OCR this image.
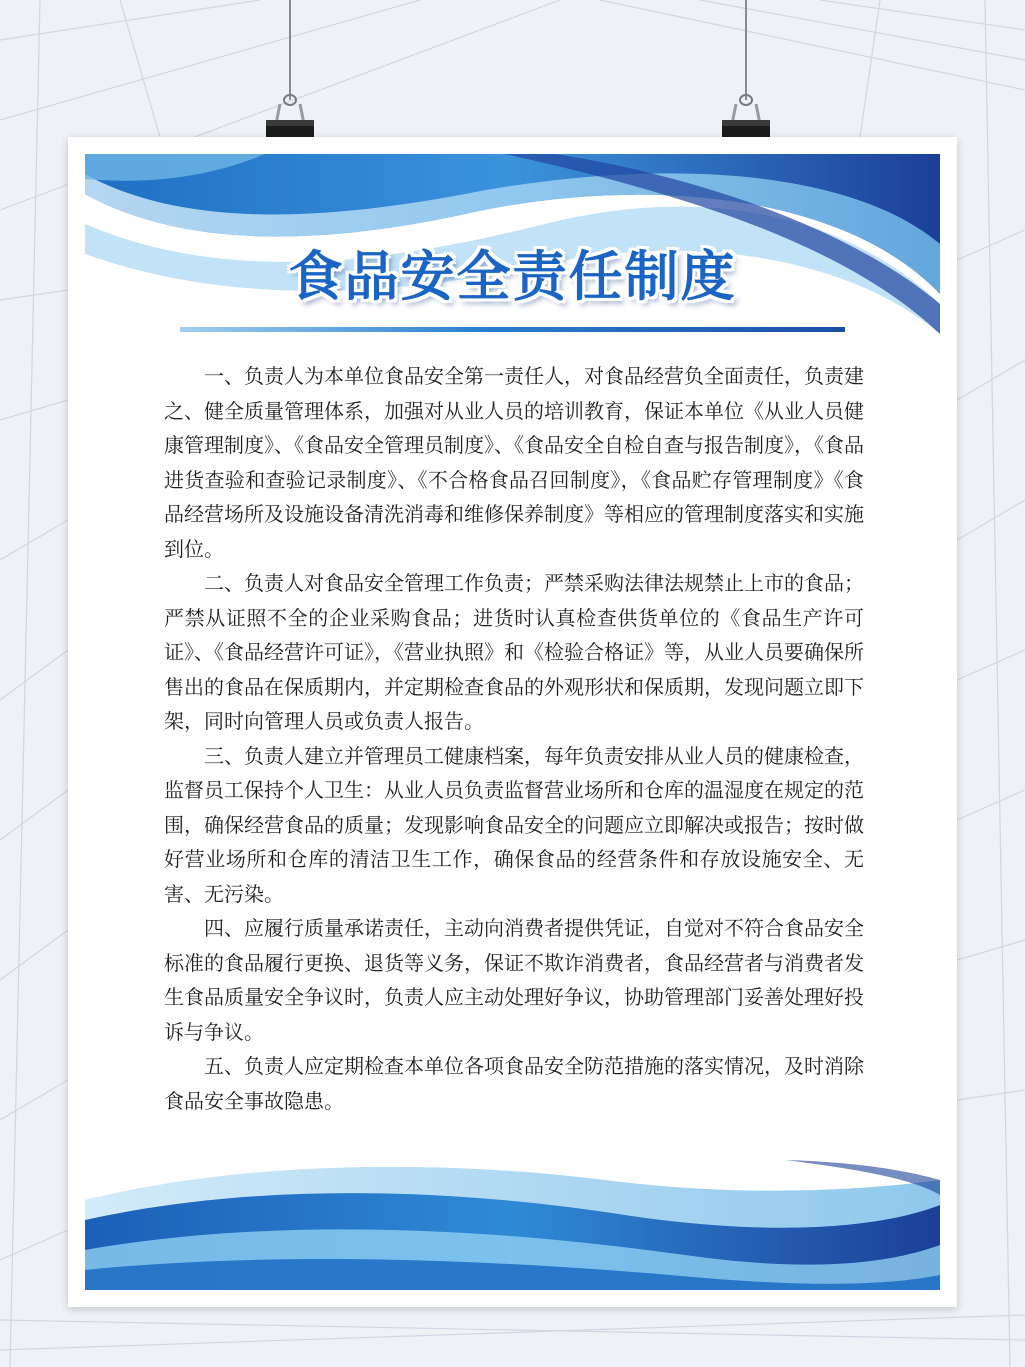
食品安全责任制度

一、负责人为本单位食品安全第一责任人，对食品经营负全面责任，负责建之、健全质量管理体系，加强对从业人员的培训教育，保证本单位《从业人员健康管理制度》、《食品安全管理员制度》、《食品安全自检自查与报告制度》，《食品进货查验和查验记录制度》、《不合格食品召回制度》，《食品贮存管理制度》《食品经营场所及设施设备清洗消毒和维修保养制度》等相应的管理制度落实和实施到位。

二、负责人对食品安全管理工作负责；严禁采购法律法规禁止上市的食品；严禁从证照不全的企业采购食品；进货时认真检查供货单位的《食品生产许可证》、《食品经营许可证》，《营业执照》和《检验合格证》等，从业人员要确保所售出的食品在保质期内，并定期检查食品的外观形状和保质期，发现问题立即下架，同时向管理人员或负责人报告。

三、负责人建立并管理员工健康档案，每年负责安排从业人员的健康检查，监督员工保持个人卫生：从业人员负责监督营业场所和仓库的温湿度在规定的范围，确保经营食品的质量；发现影响食品安全的问题应立即解决或报告；按时做好营业场所和仓库的清洁卫生工作，确保食品的经营条件和存放设施安全、无害、无污染。

四、应履行质量承诺责任，主动向消费者提供凭证，自觉对不符合食品安全标准的食品履行更换、退货等义务，保证不欺诈消费者，食品经营者与消费者发生食品质量安全争议时，负责人应主动处理好争议，协助管理部门妥善处理好投诉与争议。

五、负责人应定期检查本单位各项食品安全防范措施的落实情况，及时消除食品安全事故隐患。
